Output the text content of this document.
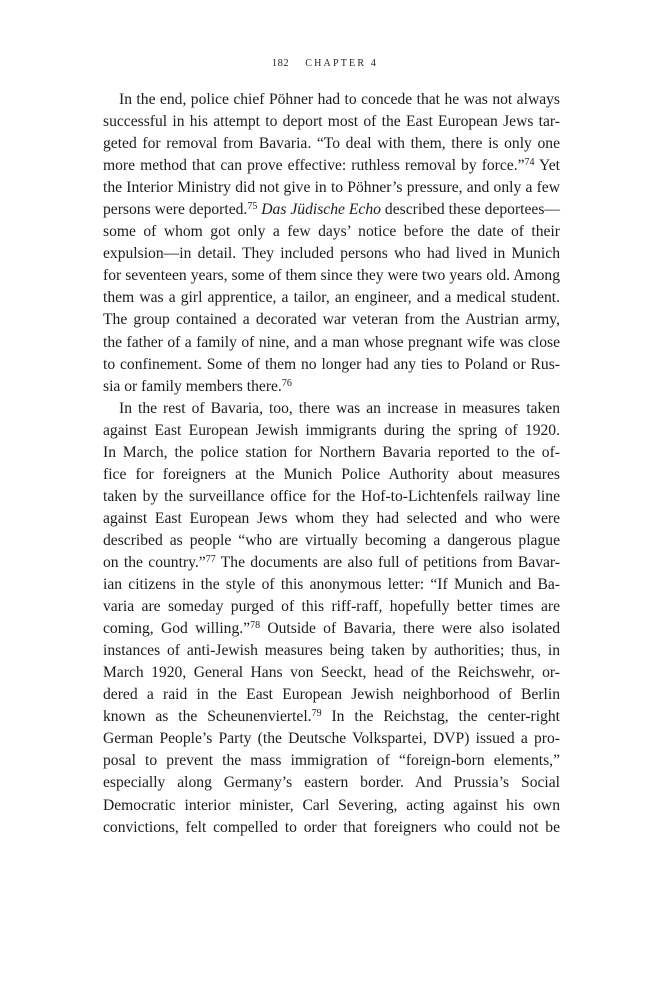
182 CHAPTER 4
In the end, police chief Pöhner had to concede that he was not always
successful in his attempt to deport most of the East European Jews tar-
geted for removal from Bavaria. “To deal with them, there is only one
more method that can prove effective: ruthless removal by force.”$^{74}$ Yet
the Interior Ministry did not give in to Pöhner’s pressure, and only a few
persons were deported.$^{75}$ Das Jüdische Echo described these deportees—
some of whom got only a few days’ notice before the date of their
expulsion—in detail. They included persons who had lived in Munich
for seventeen years, some of them since they were two years old. Among
them was a girl apprentice, a tailor, an engineer, and a medical student.
The group contained a decorated war veteran from the Austrian army,
the father of a family of nine, and a man whose pregnant wife was close
to confinement. Some of them no longer had any ties to Poland or Rus-
sia or family members there.$^{76}$
In the rest of Bavaria, too, there was an increase in measures taken
against East European Jewish immigrants during the spring of 1920.
In March, the police station for Northern Bavaria reported to the of-
fice for foreigners at the Munich Police Authority about measures
taken by the surveillance office for the Hof-to-Lichtenfels railway line
against East European Jews whom they had selected and who were
described as people “who are virtually becoming a dangerous plague
on the country.”$^{77}$ The documents are also full of petitions from Bavar-
ian citizens in the style of this anonymous letter: “If Munich and Ba-
varia are someday purged of this riff-raff, hopefully better times are
coming, God willing.”$^{78}$ Outside of Bavaria, there were also isolated
instances of anti-Jewish measures being taken by authorities; thus, in
March 1920, General Hans von Seeckt, head of the Reichswehr, or-
dered a raid in the East European Jewish neighborhood of Berlin
known as the Scheunenviertel.$^{79}$ In the Reichstag, the center-right
German People’s Party (the Deutsche Volkspartei, DVP) issued a pro-
posal to prevent the mass immigration of “foreign-born elements,”
especially along Germany’s eastern border. And Prussia’s Social
Democratic interior minister, Carl Severing, acting against his own
convictions, felt compelled to order that foreigners who could not be
